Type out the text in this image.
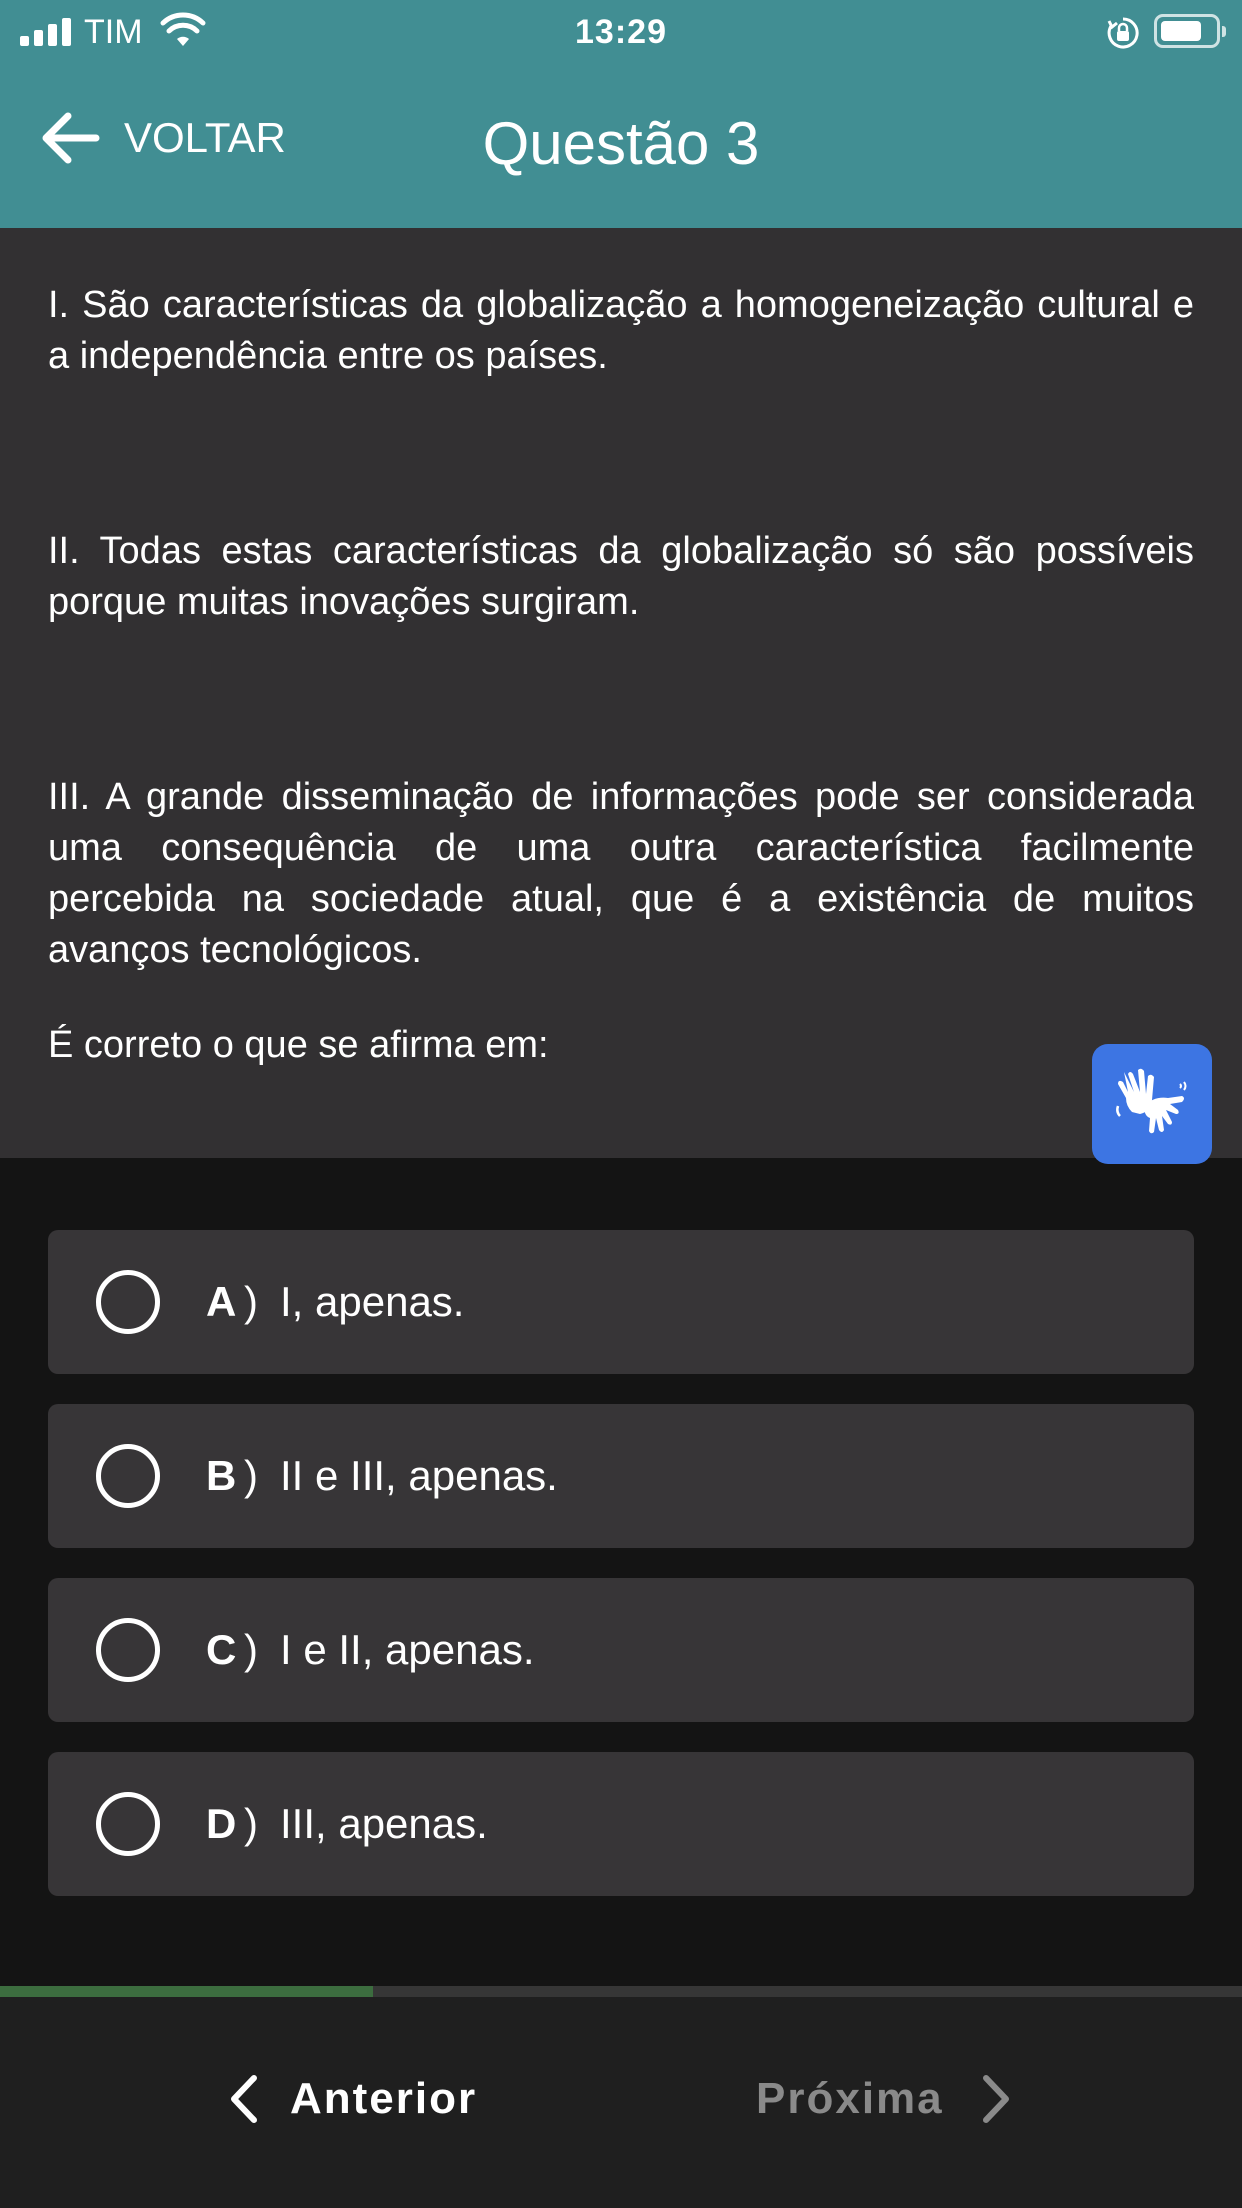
TIM	13:29
VOLTAR	Questão 3

I. São características da globalização a homogeneização cultural e a independência entre os países.

II. Todas estas características da globalização só são possíveis porque muitas inovações surgiram.

III. A grande disseminação de informações pode ser considerada uma consequência de uma outra característica facilmente percebida na sociedade atual, que é a existência de muitos avanços tecnológicos.

É correto o que se afirma em:

A ) I, apenas.
B ) II e III, apenas.
C ) I e II, apenas.
D ) III, apenas.
Anterior	Próxima
